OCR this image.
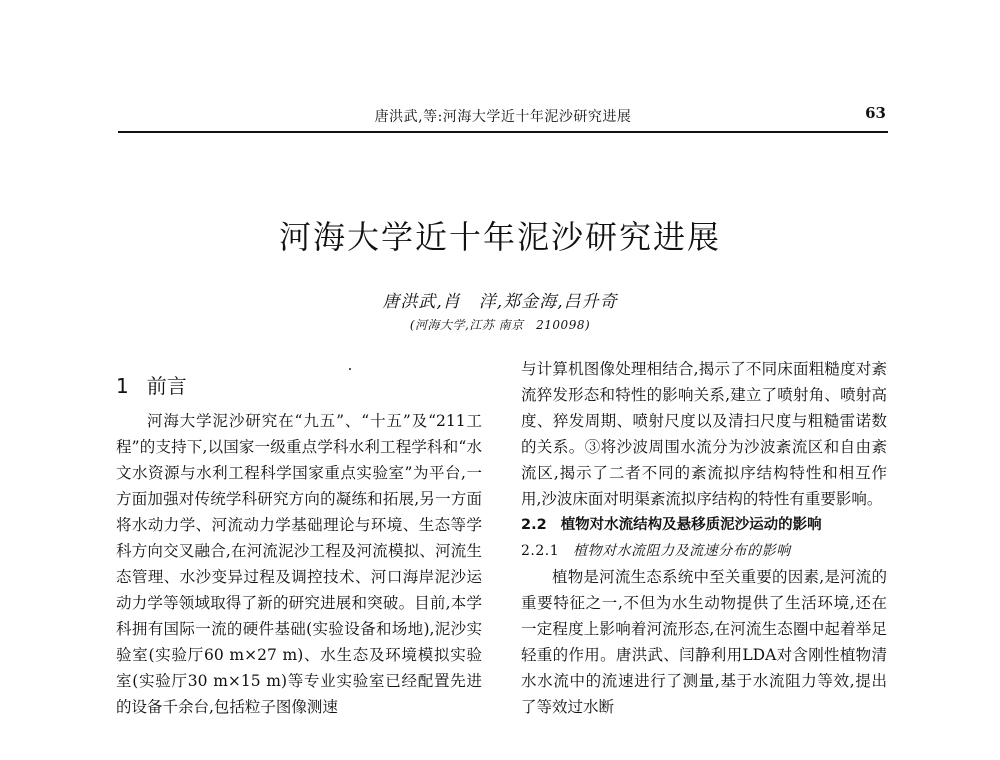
唐洪武,等:河海大学近十年泥沙研究进展	63
河海大学近十年泥沙研究进展
唐洪武,肖　洋,郑金海,吕升奇
(河海大学,江苏 南京　210098)

1 前言

河海大学泥沙研究在“九五”、“十五”及“211工程”的支持下,以国家一级重点学科水利工程学科和“水文水资源与水利工程科学国家重点实验室”为平台,一方面加强对传统学科研究方向的凝练和拓展,另一方面将水动力学、河流动力学基础理论与环境、生态等学科方向交叉融合,在河流泥沙工程及河流模拟、河流生态管理、水沙变异过程及调控技术、河口海岸泥沙运动力学等领域取得了新的研究进展和突破。目前,本学科拥有国际一流的硬件基础(实验设备和场地),泥沙实验室(实验厅60 m×27 m)、水生态及环境模拟实验室(实验厅30 m×15 m)等专业实验室已经配置先进的设备千余台,包括粒子图像测速

与计算机图像处理相结合,揭示了不同床面粗糙度对紊流猝发形态和特性的影响关系,建立了喷射角、喷射高度、猝发周期、喷射尺度以及清扫尺度与粗糙雷诺数的关系。③将沙波周围水流分为沙波紊流区和自由紊流区,揭示了二者不同的紊流拟序结构特性和相互作用,沙波床面对明渠紊流拟序结构的特性有重要影响。

2.2 植物对水流结构及悬移质泥沙运动的影响

2.2.1 植物对水流阻力及流速分布的影响

植物是河流生态系统中至关重要的因素,是河流的重要特征之一,不但为水生动物提供了生活环境,还在一定程度上影响着河流形态,在河流生态圈中起着举足轻重的作用。唐洪武、闫静利用LDA对含刚性植物清水水流中的流速进行了测量,基于水流阻力等效,提出了等效过水断
